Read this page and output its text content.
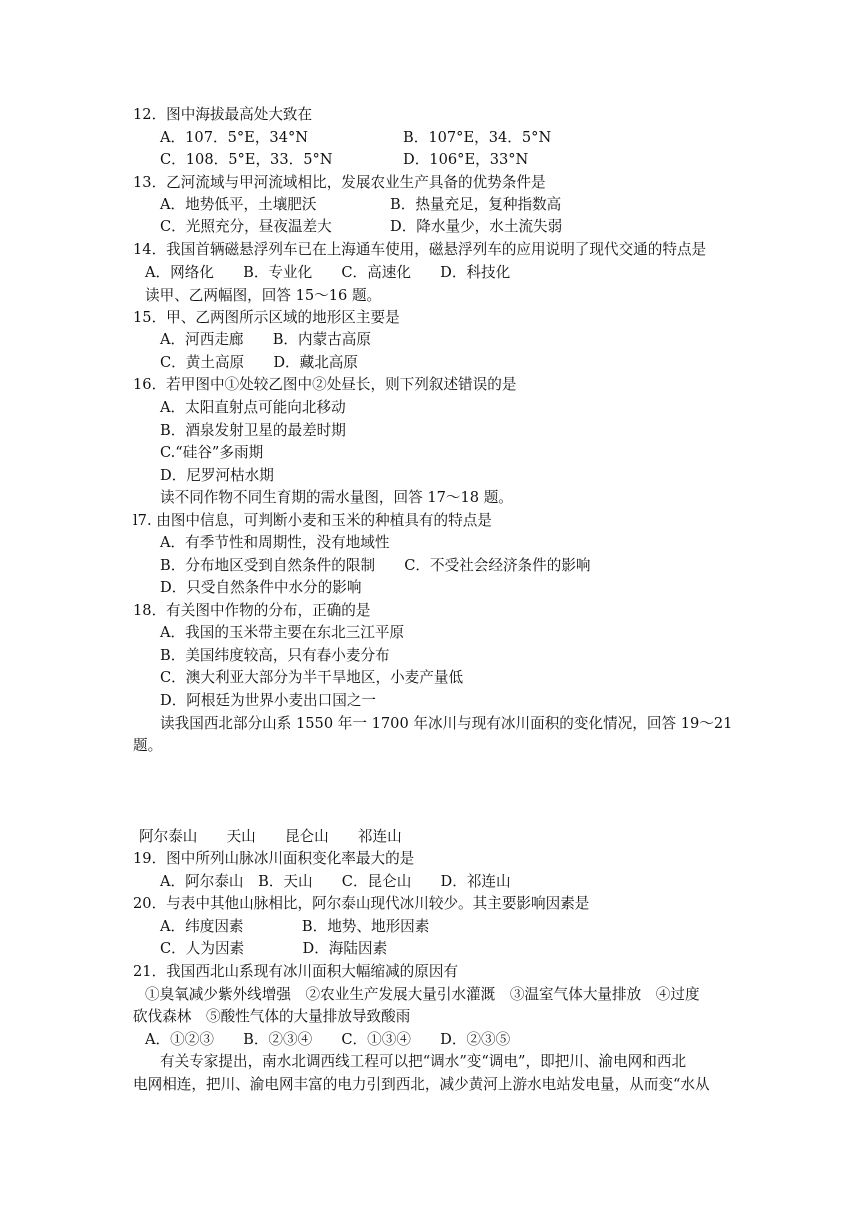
12．图中海拔最高处大致在
A．107．5°E，34°N	B．107°E，34．5°N
C．108．5°E，33．5°N	D．106°E，33°N
13．乙河流域与甲河流域相比，发展农业生产具备的优势条件是
A．地势低平，土壤肥沃	B．热量充足，复种指数高
C．光照充分，昼夜温差大	D．降水量少，水土流失弱
14．我国首辆磁悬浮列车已在上海通车使用，磁悬浮列车的应用说明了现代交通的特点是
A．网络化　　B．专业化　　C．高速化　　D．科技化
读甲、乙两幅图，回答 15～16 题。
15．甲、乙两图所示区域的地形区主要是
A．河西走廊　　B．内蒙古高原
C．黄土高原　　D．藏北高原
16．若甲图中①处较乙图中②处昼长，则下列叙述错误的是
A．太阳直射点可能向北移动
B．酒泉发射卫星的最差时期
C.“硅谷”多雨期
D．尼罗河枯水期
读不同作物不同生育期的需水量图，回答 17～18 题。
l7. 由图中信息，可判断小麦和玉米的种植具有的特点是
A．有季节性和周期性，没有地域性
B．分布地区受到自然条件的限制　　C．不受社会经济条件的影响
D．只受自然条件中水分的影响
18．有关图中作物的分布，正确的是
A．我国的玉米带主要在东北三江平原
B．美国纬度较高，只有春小麦分布
C．澳大利亚大部分为半干旱地区，小麦产量低
D．阿根廷为世界小麦出口国之一
读我国西北部分山系 1550 年一 1700 年冰川与现有冰川面积的变化情况，回答 19～21
题。
阿尔泰山　　天山　　昆仑山　　祁连山
19．图中所列山脉冰川面积变化率最大的是
A．阿尔泰山　B．天山　　C．昆仑山　　D．祁连山
20．与表中其他山脉相比，阿尔泰山现代冰川较少。其主要影响因素是
A．纬度因素　　　　B．地势、地形因素
C．人为因素　　　　D．海陆因素
21．我国西北山系现有冰川面积大幅缩减的原因有
①臭氧减少紫外线增强　②农业生产发展大量引水灌溉　③温室气体大量排放　④过度
砍伐森林　⑤酸性气体的大量排放导致酸雨
A．①②③　　B．②③④　　C．①③④　　D．②③⑤
有关专家提出，南水北调西线工程可以把“调水”变“调电”，即把川、渝电网和西北
电网相连，把川、渝电网丰富的电力引到西北，减少黄河上游水电站发电量，从而变“水从
